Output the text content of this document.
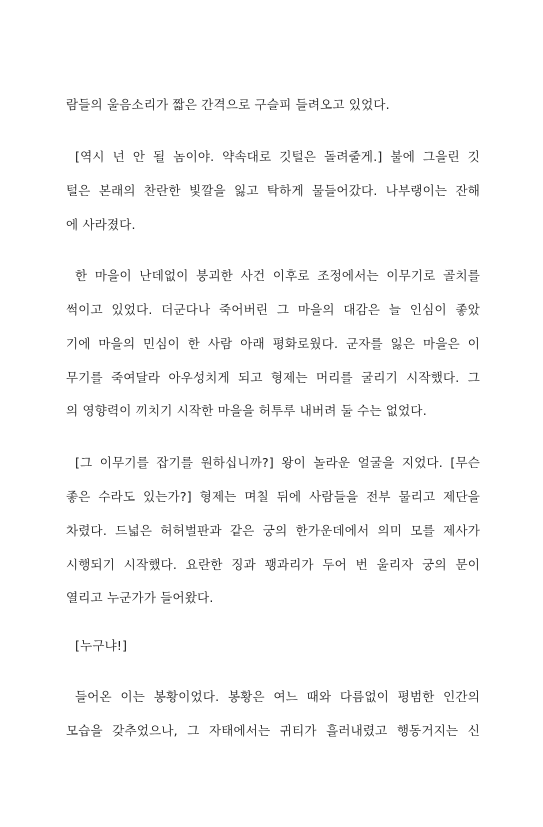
람들의 울음소리가 짧은 간격으로 구슬피 들려오고 있었다.
[역시 넌 안 될 놈이야. 약속대로 깃털은 돌려줄게.] 불에 그을린 깃
털은 본래의 찬란한 빛깔을 잃고 탁하게 물들어갔다. 나부랭이는 잔해
에 사라졌다.
한 마을이 난데없이 붕괴한 사건 이후로 조정에서는 이무기로 골치를
썩이고 있었다. 더군다나 죽어버린 그 마을의 대감은 늘 인심이 좋았
기에 마을의 민심이 한 사람 아래 평화로웠다. 군자를 잃은 마을은 이
무기를 죽여달라 아우성치게 되고 형제는 머리를 굴리기 시작했다. 그
의 영향력이 끼치기 시작한 마을을 허투루 내버려 둘 수는 없었다.
[그 이무기를 잡기를 원하십니까?] 왕이 놀라운 얼굴을 지었다. [무슨
좋은 수라도 있는가?] 형제는 며칠 뒤에 사람들을 전부 물리고 제단을
차렸다. 드넓은 허허벌판과 같은 궁의 한가운데에서 의미 모를 제사가
시행되기 시작했다. 요란한 징과 꽹과리가 두어 번 울리자 궁의 문이
열리고 누군가가 들어왔다.
[누구냐!]
들어온 이는 봉황이었다. 봉황은 여느 때와 다름없이 평범한 인간의
모습을 갖추었으나, 그 자태에서는 귀티가 흘러내렸고 행동거지는 신
